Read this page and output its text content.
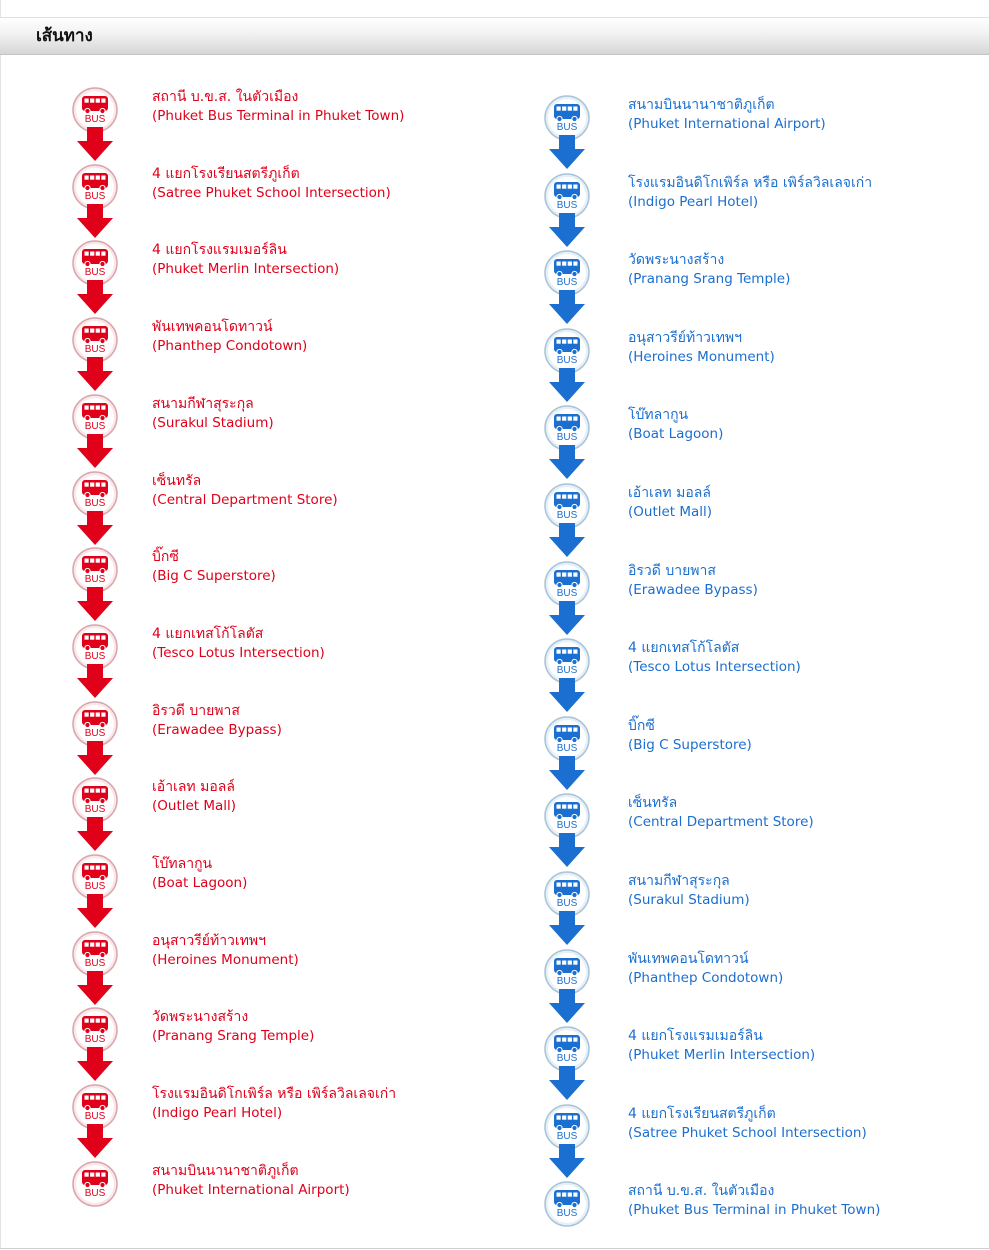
เส้นทาง
BUS
สถานี บ.ข.ส. ในตัวเมือง
(Phuket Bus Terminal in Phuket Town)
BUS
4 แยกโรงเรียนสตรีภูเก็ต
(Satree Phuket School Intersection)
BUS
4 แยกโรงแรมเมอร์ลิน
(Phuket Merlin Intersection)
BUS
พันเทพคอนโดทาวน์
(Phanthep Condotown)
BUS
สนามกีฬาสุระกุล
(Surakul Stadium)
BUS
เซ็นทรัล
(Central Department Store)
BUS
บิ๊กซี
(Big C Superstore)
BUS
4 แยกเทสโก้โลตัส
(Tesco Lotus Intersection)
BUS
อิรวดี บายพาส
(Erawadee Bypass)
BUS
เอ้าเลท มอลล์
(Outlet Mall)
BUS
โบ๊ทลากูน
(Boat Lagoon)
BUS
อนุสาวรีย์ท้าวเทพฯ
(Heroines Monument)
BUS
วัดพระนางสร้าง
(Pranang Srang Temple)
BUS
โรงแรมอินดิโกเพิร์ล หรือ เพิร์ลวิลเลจเก่า
(Indigo Pearl Hotel)
BUS
สนามบินนานาชาติภูเก็ต
(Phuket International Airport)
BUS
สนามบินนานาชาติภูเก็ต
(Phuket International Airport)
BUS
โรงแรมอินดิโกเพิร์ล หรือ เพิร์ลวิลเลจเก่า
(Indigo Pearl Hotel)
BUS
วัดพระนางสร้าง
(Pranang Srang Temple)
BUS
อนุสาวรีย์ท้าวเทพฯ
(Heroines Monument)
BUS
โบ๊ทลากูน
(Boat Lagoon)
BUS
เอ้าเลท มอลล์
(Outlet Mall)
BUS
อิรวดี บายพาส
(Erawadee Bypass)
BUS
4 แยกเทสโก้โลตัส
(Tesco Lotus Intersection)
BUS
บิ๊กซี
(Big C Superstore)
BUS
เซ็นทรัล
(Central Department Store)
BUS
สนามกีฬาสุระกุล
(Surakul Stadium)
BUS
พันเทพคอนโดทาวน์
(Phanthep Condotown)
BUS
4 แยกโรงแรมเมอร์ลิน
(Phuket Merlin Intersection)
BUS
4 แยกโรงเรียนสตรีภูเก็ต
(Satree Phuket School Intersection)
BUS
สถานี บ.ข.ส. ในตัวเมือง
(Phuket Bus Terminal in Phuket Town)
